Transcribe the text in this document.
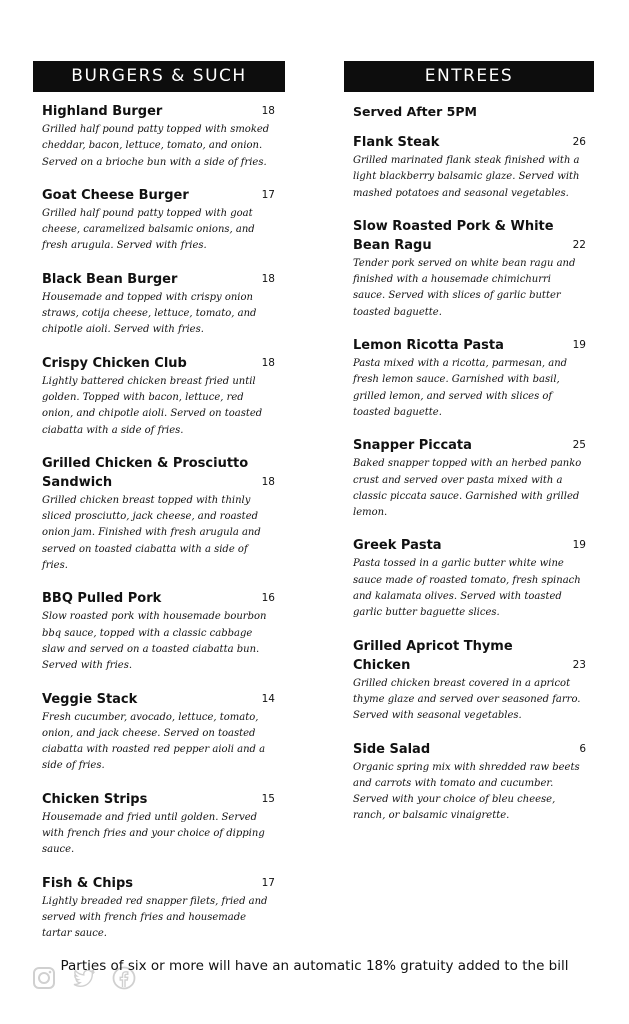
BURGERS & SUCH
Highland Burger	18
Grilled half pound patty topped with smoked cheddar, bacon, lettuce, tomato, and onion. Served on a brioche bun with a side of fries.
Goat Cheese Burger	17
Grilled half pound patty topped with goat cheese, caramelized balsamic onions, and fresh arugula. Served with fries.
Black Bean Burger	18
Housemade and topped with crispy onion straws, cotija cheese, lettuce, tomato, and chipotle aioli. Served with fries.
Crispy Chicken Club	18
Lightly battered chicken breast fried until golden. Topped with bacon, lettuce, red onion, and chipotle aioli. Served on toasted ciabatta with a side of fries.
Grilled Chicken & Prosciutto Sandwich	18
Grilled chicken breast topped with thinly sliced prosciutto, jack cheese, and roasted onion jam. Finished with fresh arugula and served on toasted ciabatta with a side of fries.
BBQ Pulled Pork	16
Slow roasted pork with housemade bourbon bbq sauce, topped with a classic cabbage slaw and served on a toasted ciabatta bun. Served with fries.
Veggie Stack	14
Fresh cucumber, avocado, lettuce, tomato, onion, and jack cheese. Served on toasted ciabatta with roasted red pepper aioli and a side of fries.
Chicken Strips	15
Housemade and fried until golden. Served with french fries and your choice of dipping sauce.
Fish & Chips	17
Lightly breaded red snapper filets, fried and served with french fries and housemade tartar sauce.
ENTREES
Served After 5PM
Flank Steak	26
Grilled marinated flank steak finished with a light blackberry balsamic glaze. Served with mashed potatoes and seasonal vegetables.
Slow Roasted Pork & White Bean Ragu	22
Tender pork served on white bean ragu and finished with a housemade chimichurri sauce. Served with slices of garlic butter toasted baguette.
Lemon Ricotta Pasta	19
Pasta mixed with a ricotta, parmesan, and fresh lemon sauce. Garnished with basil, grilled lemon, and served with slices of toasted baguette.
Snapper Piccata	25
Baked snapper topped with an herbed panko crust and served over pasta mixed with a classic piccata sauce. Garnished with grilled lemon.
Greek Pasta	19
Pasta tossed in a garlic butter white wine sauce made of roasted tomato, fresh spinach and kalamata olives. Served with toasted garlic butter baguette slices.
Grilled Apricot Thyme Chicken	23
Grilled chicken breast covered in a apricot thyme glaze and served over seasoned farro. Served with seasonal vegetables.
Side Salad	6
Organic spring mix with shredded raw beets and carrots with tomato and cucumber. Served with your choice of bleu cheese, ranch, or balsamic vinaigrette.
Parties of six or more will have an automatic 18% gratuity added to the bill
